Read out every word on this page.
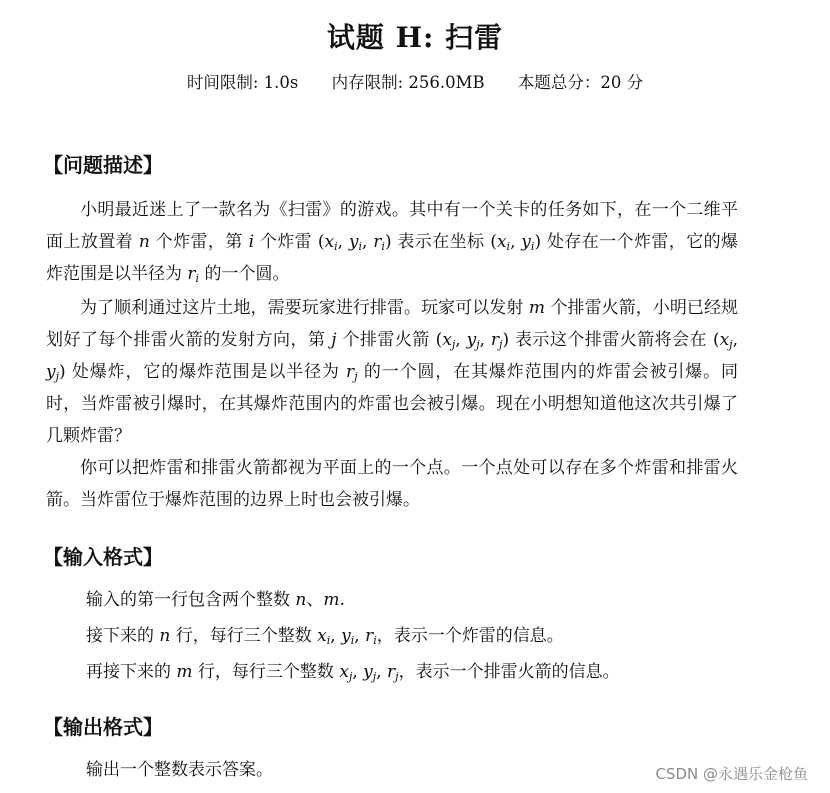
试题 H: 扫雷
时间限制: 1.0s 内存限制: 256.0MB 本题总分：20 分
【问题描述】
小明最近迷上了一款名为《扫雷》的游戏。其中有一个关卡的任务如下，在一个二维平面上放置着 n 个炸雷，第 i 个炸雷 ($x_i$, $y_i$, $r_i$) 表示在坐标 ($x_i$, $y_i$) 处存在一个炸雷，它的爆炸范围是以半径为 $r_i$ 的一个圆。
为了顺利通过这片土地，需要玩家进行排雷。玩家可以发射 m 个排雷火箭，小明已经规划好了每个排雷火箭的发射方向，第 j 个排雷火箭 ($x_j$, $y_j$, $r_j$) 表示这个排雷火箭将会在 ($x_j$, $y_j$) 处爆炸，它的爆炸范围是以半径为 $r_j$ 的一个圆，在其爆炸范围内的炸雷会被引爆。同时，当炸雷被引爆时，在其爆炸范围内的炸雷也会被引爆。现在小明想知道他这次共引爆了几颗炸雷？
你可以把炸雷和排雷火箭都视为平面上的一个点。一个点处可以存在多个炸雷和排雷火箭。当炸雷位于爆炸范围的边界上时也会被引爆。
【输入格式】
输入的第一行包含两个整数 n、m.
接下来的 n 行，每行三个整数 $x_i$, $y_i$, $r_i$，表示一个炸雷的信息。
再接下来的 m 行，每行三个整数 $x_j$, $y_j$, $r_j$，表示一个排雷火箭的信息。
【输出格式】
输出一个整数表示答案。	CSDN @永遇乐金枪鱼
